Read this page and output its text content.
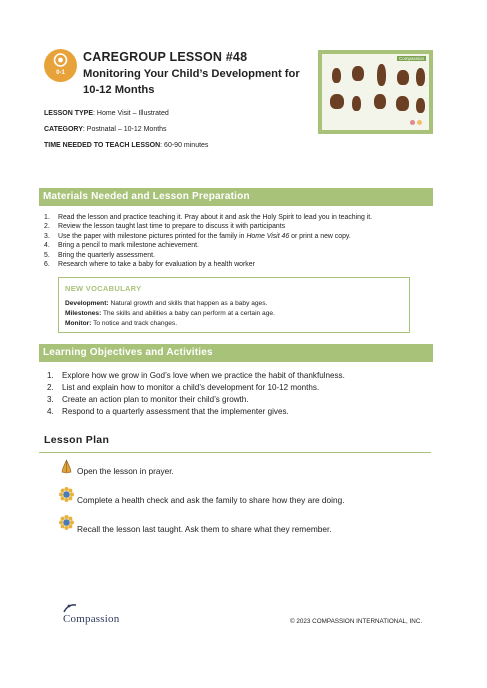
0-1
CAREGROUP LESSON #48
Monitoring Your Child’s Development for 10-12 Months
Compassion
LESSON TYPE: Home Visit – Illustrated
CATEGORY: Postnatal – 10-12 Months
TIME NEEDED TO TEACH LESSON: 60-90 minutes
Materials Needed and Lesson Preparation
1. Read the lesson and practice teaching it. Pray about it and ask the Holy Spirit to lead you in teaching it.
2. Review the lesson taught last time to prepare to discuss it with participants
3. Use the paper with milestone pictures printed for the family in Home Visit 46 or print a new copy.
4. Bring a pencil to mark milestone achievement.
5. Bring the quarterly assessment.
6. Research where to take a baby for evaluation by a health worker
NEW VOCABULARY
Development: Natural growth and skills that happen as a baby ages.
Milestones: The skills and abilities a baby can perform at a certain age.
Monitor: To notice and track changes.
Learning Objectives and Activities
1. Explore how we grow in God’s love when we practice the habit of thankfulness.
2. List and explain how to monitor a child’s development for 10-12 months.
3. Create an action plan to monitor their child’s growth.
4. Respond to a quarterly assessment that the implementer gives.
Lesson Plan
Open the lesson in prayer.
Complete a health check and ask the family to share how they are doing.
Recall the lesson last taught. Ask them to share what they remember.
Compassion	© 2023 COMPASSION INTERNATIONAL, INC.
